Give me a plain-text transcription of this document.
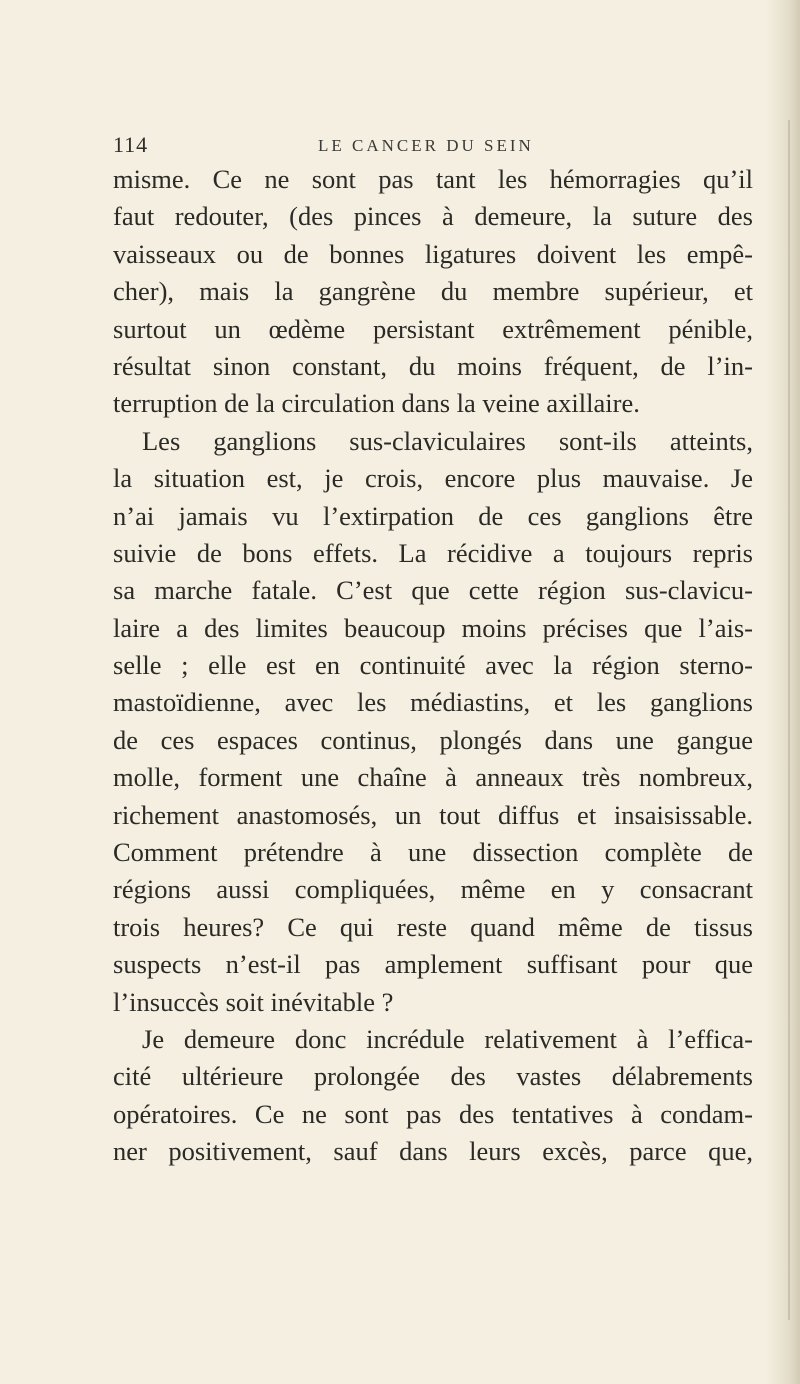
114	LE CANCER DU SEIN
misme. Ce ne sont pas tant les hémorragies qu’il
faut redouter, (des pinces à demeure, la suture des
vaisseaux ou de bonnes ligatures doivent les empê-
cher), mais la gangrène du membre supérieur, et
surtout un œdème persistant extrêmement pénible,
résultat sinon constant, du moins fréquent, de l’in-
terruption de la circulation dans la veine axillaire.
Les ganglions sus-claviculaires sont-ils atteints,
la situation est, je crois, encore plus mauvaise. Je
n’ai jamais vu l’extirpation de ces ganglions être
suivie de bons effets. La récidive a toujours repris
sa marche fatale. C’est que cette région sus-clavicu-
laire a des limites beaucoup moins précises que l’ais-
selle ; elle est en continuité avec la région sterno-
mastoïdienne, avec les médiastins, et les ganglions
de ces espaces continus, plongés dans une gangue
molle, forment une chaîne à anneaux très nombreux,
richement anastomosés, un tout diffus et insaisissable.
Comment prétendre à une dissection complète de
régions aussi compliquées, même en y consacrant
trois heures? Ce qui reste quand même de tissus
suspects n’est-il pas amplement suffisant pour que
l’insuccès soit inévitable ?
Je demeure donc incrédule relativement à l’effica-
cité ultérieure prolongée des vastes délabrements
opératoires. Ce ne sont pas des tentatives à condam-
ner positivement, sauf dans leurs excès, parce que,
